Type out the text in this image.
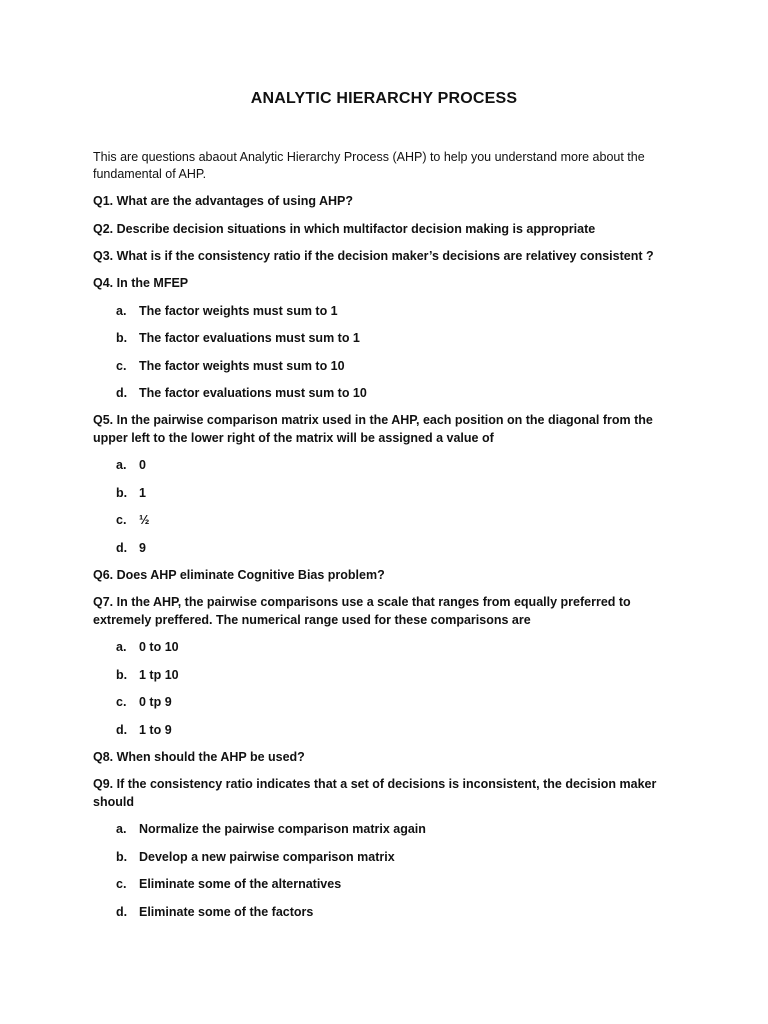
ANALYTIC HIERARCHY PROCESS
This are questions abaout Analytic Hierarchy Process (AHP) to help you understand more about the fundamental of AHP.
Q1. What are the advantages of using AHP?
Q2. Describe decision situations in which multifactor decision making is appropriate
Q3. What is if the consistency ratio if the decision maker’s decisions are relativey consistent ?
Q4. In the MFEP
a. The factor weights must sum to 1
b. The factor evaluations must sum to 1
c. The factor weights must sum to 10
d. The factor evaluations must sum to 10
Q5. In the pairwise comparison matrix used in the AHP, each position on the diagonal from the upper left to the lower right of the matrix will be assigned a value of
a. 0
b. 1
c. ½
d. 9
Q6. Does AHP eliminate Cognitive Bias problem?
Q7. In the AHP, the pairwise comparisons use a scale that ranges from equally preferred to extremely preffered. The numerical range used for these comparisons are
a. 0 to 10
b. 1 tp 10
c. 0 tp 9
d. 1 to 9
Q8. When should the AHP be used?
Q9. If the consistency ratio indicates that a set of decisions is inconsistent, the decision maker should
a. Normalize the pairwise comparison matrix again
b. Develop a new pairwise comparison matrix
c. Eliminate some of the alternatives
d. Eliminate some of the factors
